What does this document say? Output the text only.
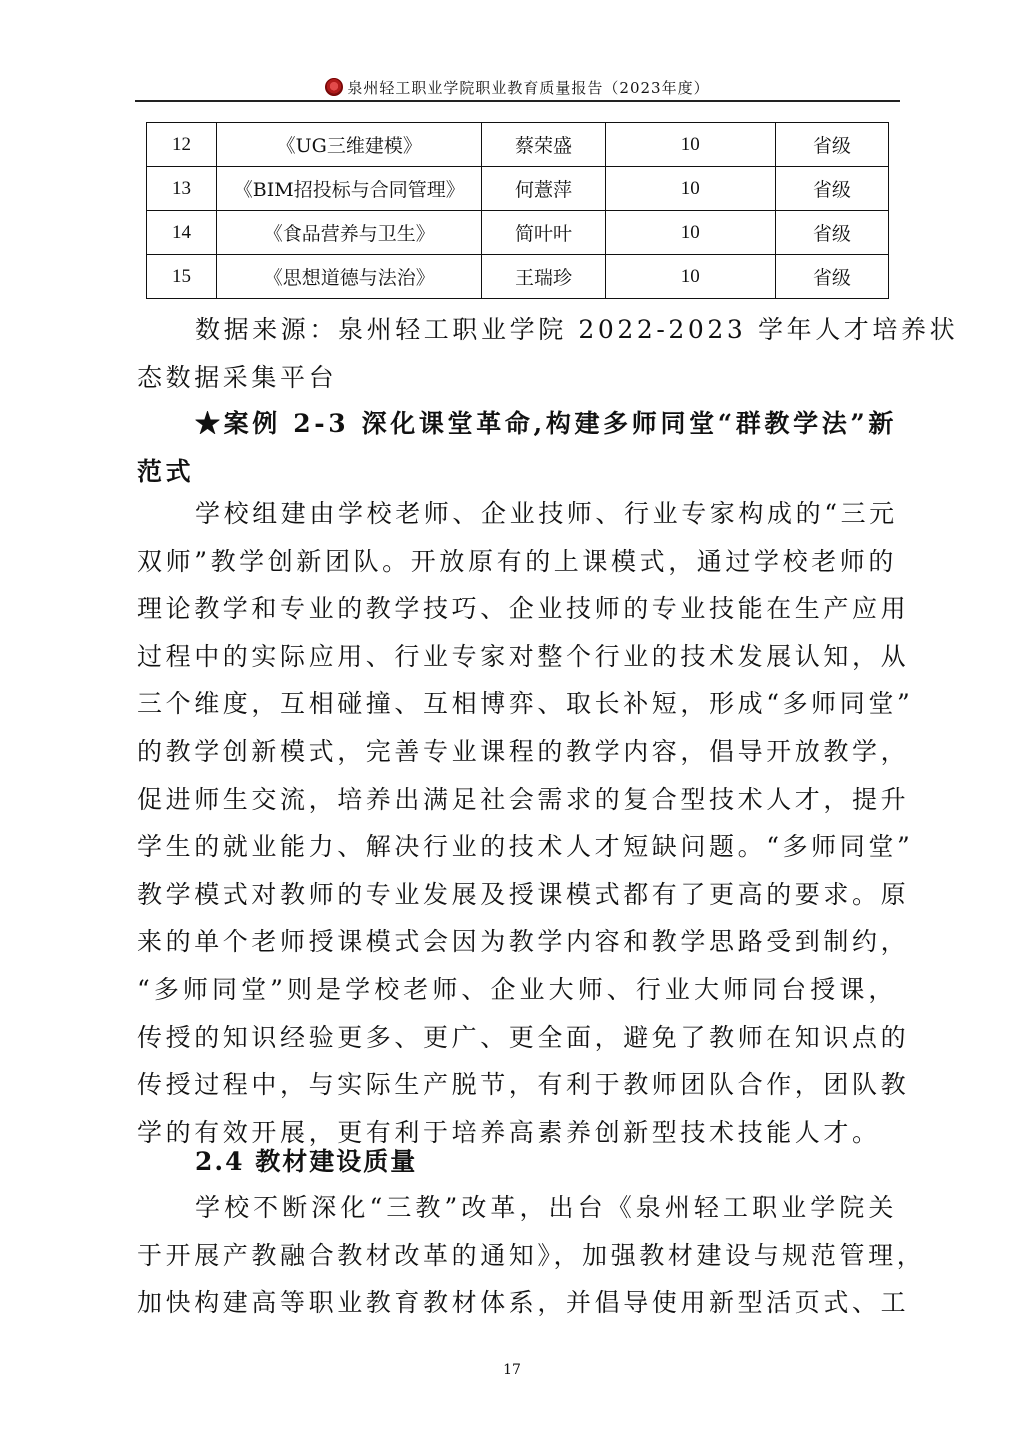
泉州轻工职业学院职业教育质量报告（2023年度）
12	《UG三维建模》	蔡荣盛	10	省级
13	《BIM招投标与合同管理》	何薏萍	10	省级
14	《食品营养与卫生》	简叶叶	10	省级
15	《思想道德与法治》	王瑞珍	10	省级
数据来源：泉州轻工职业学院 2022-2023 学年人才培养状
态数据采集平台
★案例 2-3 深化课堂革命,构建多师同堂“群教学法”新
范式
学校组建由学校老师、企业技师、行业专家构成的“三元
双师”教学创新团队。开放原有的上课模式，通过学校老师的
理论教学和专业的教学技巧、企业技师的专业技能在生产应用
过程中的实际应用、行业专家对整个行业的技术发展认知，从
三个维度，互相碰撞、互相博弈、取长补短，形成“多师同堂”
的教学创新模式，完善专业课程的教学内容，倡导开放教学，
促进师生交流，培养出满足社会需求的复合型技术人才，提升
学生的就业能力、解决行业的技术人才短缺问题。“多师同堂”
教学模式对教师的专业发展及授课模式都有了更高的要求。原
来的单个老师授课模式会因为教学内容和教学思路受到制约，
“多师同堂”则是学校老师、企业大师、行业大师同台授课，
传授的知识经验更多、更广、更全面，避免了教师在知识点的
传授过程中，与实际生产脱节，有利于教师团队合作，团队教
学的有效开展，更有利于培养高素养创新型技术技能人才。
2.4 教材建设质量
学校不断深化“三教”改革，出台《泉州轻工职业学院关
于开展产教融合教材改革的通知》，加强教材建设与规范管理，
加快构建高等职业教育教材体系，并倡导使用新型活页式、工
17
